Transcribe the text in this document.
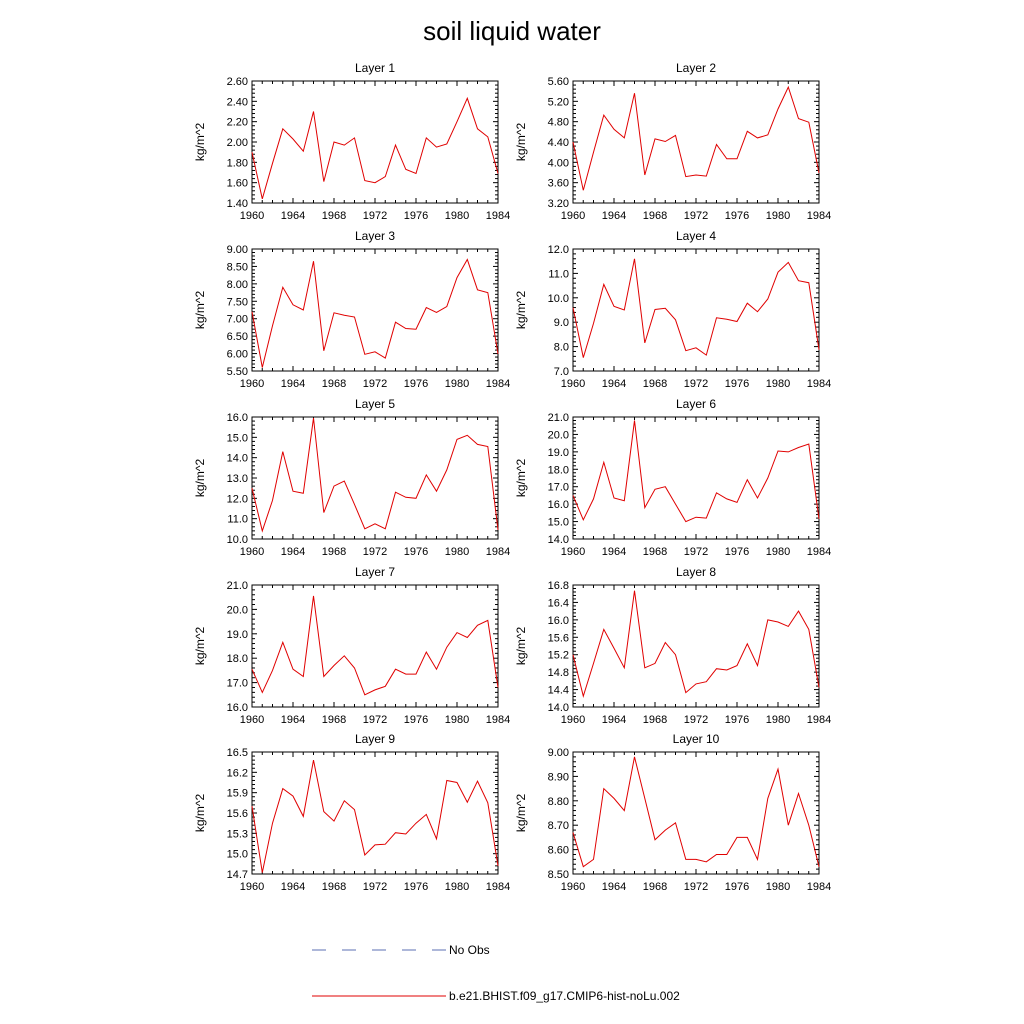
soil liquid water
Layer 1
kg/m^2
1960 1964 1968 1972 1976 1980 1984
1.40
1.60
1.80
2.00
2.20
2.40
2.60
Layer 2
kg/m^2
1960 1964 1968 1972 1976 1980 1984
3.20
3.60
4.00
4.40
4.80
5.20
5.60
Layer 3
kg/m^2
1960 1964 1968 1972 1976 1980 1984
5.50
6.00
6.50
7.00
7.50
8.00
8.50
9.00
Layer 4
kg/m^2
1960 1964 1968 1972 1976 1980 1984
7.0
8.0
9.0
10.0
11.0
12.0
Layer 5
kg/m^2
1960 1964 1968 1972 1976 1980 1984
10.0
11.0
12.0
13.0
14.0
15.0
16.0
Layer 6
kg/m^2
1960 1964 1968 1972 1976 1980 1984
14.0
15.0
16.0
17.0
18.0
19.0
20.0
21.0
Layer 7
kg/m^2
1960 1964 1968 1972 1976 1980 1984
16.0
17.0
18.0
19.0
20.0
21.0
Layer 8
kg/m^2
1960 1964 1968 1972 1976 1980 1984
14.0
14.4
14.8
15.2
15.6
16.0
16.4
16.8
Layer 9
kg/m^2
1960 1964 1968 1972 1976 1980 1984
14.7
15.0
15.3
15.6
15.9
16.2
16.5
Layer 10
kg/m^2
1960 1964 1968 1972 1976 1980 1984
8.50
8.60
8.70
8.80
8.90
9.00
No Obs
b.e21.BHIST.f09_g17.CMIP6-hist-noLu.002
